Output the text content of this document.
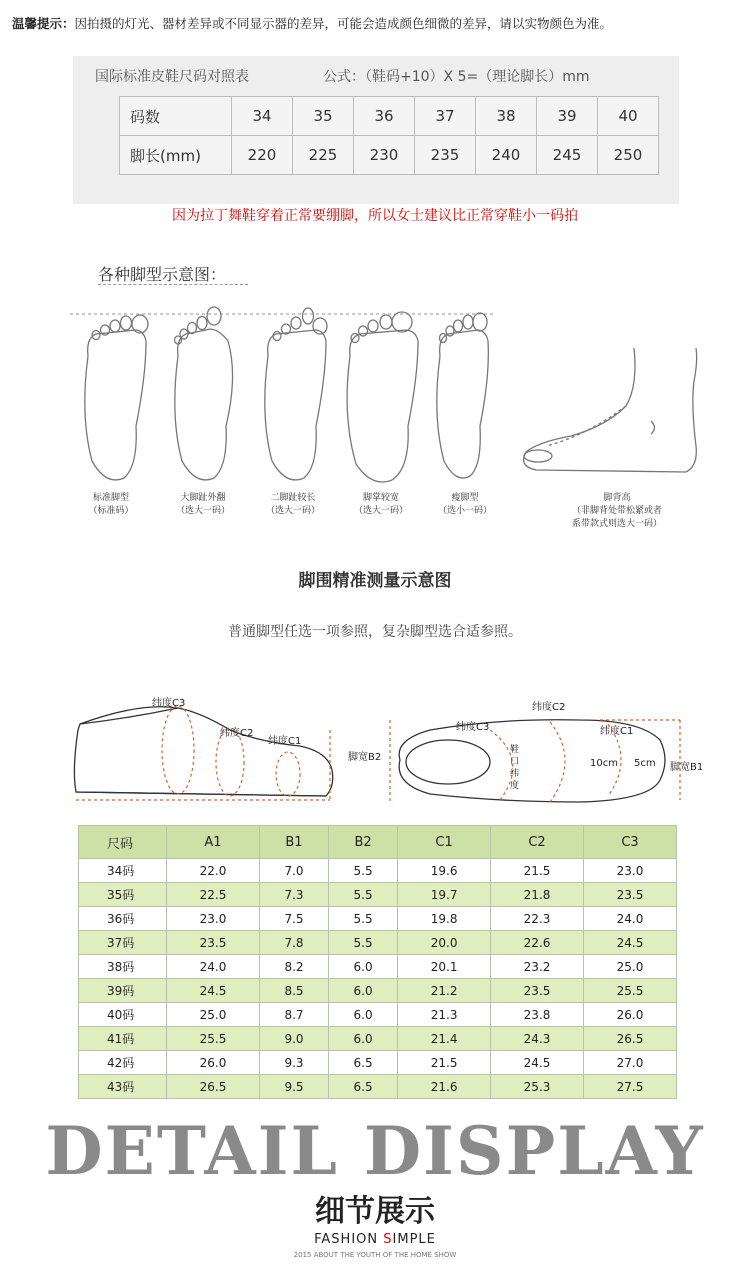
温馨提示：因拍摄的灯光、器材差异或不同显示器的差异，可能会造成颜色细微的差异，请以实物颜色为准。
国际标准皮鞋尺码对照表	公式：（鞋码+10）X 5=（理论脚长）mm
码数	34	35	36	37	38	39	40
脚长(mm)	220	225	230	235	240	245	250
因为拉丁舞鞋穿着正常要绷脚，所以女士建议比正常穿鞋小一码拍
各种脚型示意图：
标准脚型
（标准码）
大脚趾外翻
（选大一码）
二脚趾较长
（选大一码）
脚掌较宽
（选大一码）
瘦脚型
（选小一码）
脚背高
（非脚背处带松紧或者
系带款式则选大一码）
脚围精准测量示意图
普通脚型任选一项参照，复杂脚型选合适参照。
纬度C3
纬度C2
纬度C1
纬度C3
纬度C2
纬度C1
脚宽B2
脚宽B1
鞋口纬度
10cm 5cm
尺码	A1	B1	B2	C1	C2	C3
34码	22.0	7.0	5.5	19.6	21.5	23.0
35码	22.5	7.3	5.5	19.7	21.8	23.5
36码	23.0	7.5	5.5	19.8	22.3	24.0
37码	23.5	7.8	5.5	20.0	22.6	24.5
38码	24.0	8.2	6.0	20.1	23.2	25.0
39码	24.5	8.5	6.0	21.2	23.5	25.5
40码	25.0	8.7	6.0	21.3	23.8	26.0
41码	25.5	9.0	6.0	21.4	24.3	26.5
42码	26.0	9.3	6.5	21.5	24.5	27.0
43码	26.5	9.5	6.5	21.6	25.3	27.5
DETAIL DISPLAY
细节展示
FASHION SIMPLE
2015 ABOUT THE YOUTH OF THE HOME SHOW
